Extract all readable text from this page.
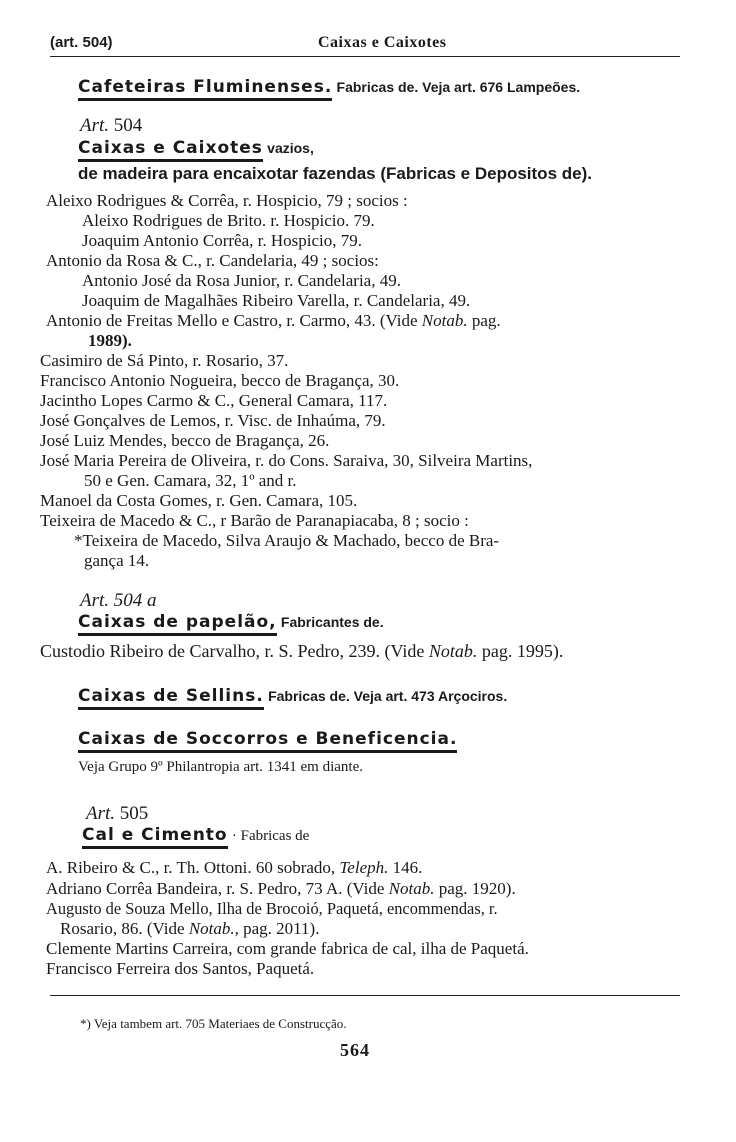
(art. 504)	Caixas e Caixotes
Cafeteiras Fluminenses. Fabricas de. Veja art. 676 Lampeões.
Art. 504
Caixas e Caixotes vazios,
de madeira para encaixotar fazendas (Fabricas e Depositos de).
Aleixo Rodrigues & Corrêa, r. Hospicio, 79 ; socios :
Aleixo Rodrigues de Brito. r. Hospicio. 79.
Joaquim Antonio Corrêa, r. Hospicio, 79.
Antonio da Rosa & C., r. Candelaria, 49 ; socios:
Antonio José da Rosa Junior, r. Candelaria, 49.
Joaquim de Magalhães Ribeiro Varella, r. Candelaria, 49.
Antonio de Freitas Mello e Castro, r. Carmo, 43. (Vide Notab. pag.
1989).
Casimiro de Sá Pinto, r. Rosario, 37.
Francisco Antonio Nogueira, becco de Bragança, 30.
Jacintho Lopes Carmo & C., General Camara, 117.
José Gonçalves de Lemos, r. Visc. de Inhaúma, 79.
José Luiz Mendes, becco de Bragança, 26.
José Maria Pereira de Oliveira, r. do Cons. Saraiva, 30, Silveira Martins,
50 e Gen. Camara, 32, 1º and r.
Manoel da Costa Gomes, r. Gen. Camara, 105.
Teixeira de Macedo & C., r Barão de Paranapiacaba, 8 ; socio :
*Teixeira de Macedo, Silva Araujo & Machado, becco de Bra-
gança 14.
Art. 504 a
Caixas de papelão, Fabricantes de.
Custodio Ribeiro de Carvalho, r. S. Pedro, 239. (Vide Notab. pag. 1995).
Caixas de Sellins. Fabricas de. Veja art. 473 Arçociros.
Caixas de Soccorros e Beneficencia.
Veja Grupo 9º Philantropia art. 1341 em diante.
Art. 505
Cal e Cimento · Fabricas de
A. Ribeiro & C., r. Th. Ottoni. 60 sobrado, Teleph. 146.
Adriano Corrêa Bandeira, r. S. Pedro, 73 A. (Vide Notab. pag. 1920).
Augusto de Souza Mello, Ilha de Brocoió, Paquetá, encommendas, r.
Rosario, 86. (Vide Notab., pag. 2011).
Clemente Martins Carreira, com grande fabrica de cal, ilha de Paquetá.
Francisco Ferreira dos Santos, Paquetá.
*) Veja tambem art. 705 Materiaes de Construcção.
564
